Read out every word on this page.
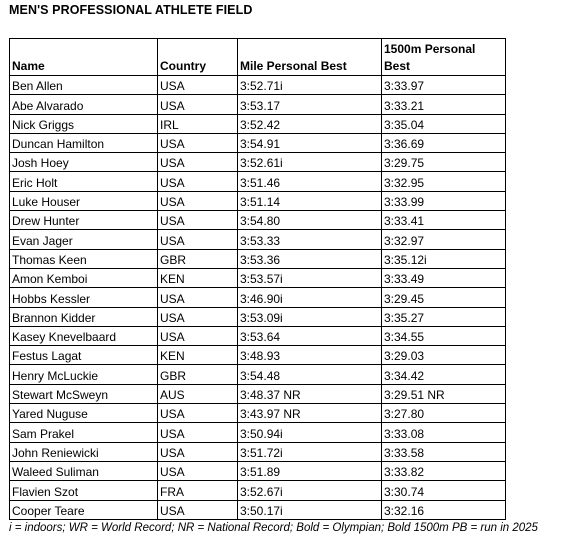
MEN'S PROFESSIONAL ATHLETE FIELD
Name	Country	Mile Personal Best	1500m Personal Best
Ben Allen	USA	3:52.71i	3:33.97
Abe Alvarado	USA	3:53.17	3:33.21
Nick Griggs	IRL	3:52.42	3:35.04
Duncan Hamilton	USA	3:54.91	3:36.69
Josh Hoey	USA	3:52.61i	3:29.75
Eric Holt	USA	3:51.46	3:32.95
Luke Houser	USA	3:51.14	3:33.99
Drew Hunter	USA	3:54.80	3:33.41
Evan Jager	USA	3:53.33	3:32.97
Thomas Keen	GBR	3:53.36	3:35.12i
Amon Kemboi	KEN	3:53.57i	3:33.49
Hobbs Kessler	USA	3:46.90i	3:29.45
Brannon Kidder	USA	3:53.09i	3:35.27
Kasey Knevelbaard	USA	3:53.64	3:34.55
Festus Lagat	KEN	3:48.93	3:29.03
Henry McLuckie	GBR	3:54.48	3:34.42
Stewart McSweyn	AUS	3:48.37 NR	3:29.51 NR
Yared Nuguse	USA	3:43.97 NR	3:27.80
Sam Prakel	USA	3:50.94i	3:33.08
John Reniewicki	USA	3:51.72i	3:33.58
Waleed Suliman	USA	3:51.89	3:33.82
Flavien Szot	FRA	3:52.67i	3:30.74
Cooper Teare	USA	3:50.17i	3:32.16
i = indoors; WR = World Record; NR = National Record; Bold = Olympian; Bold 1500m PB = run in 2025
